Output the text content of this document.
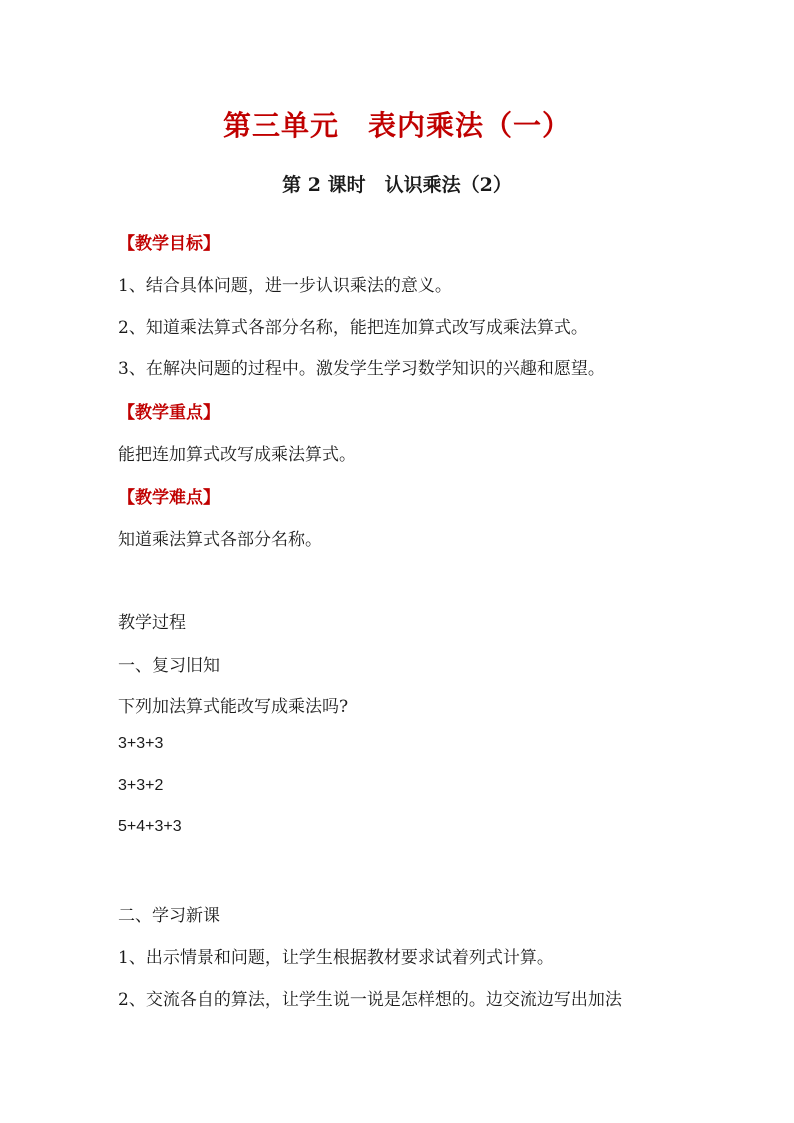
第三单元　表内乘法（一）
第 2 课时　认识乘法（2）
【教学目标】
1、结合具体问题，进一步认识乘法的意义。
2、知道乘法算式各部分名称，能把连加算式改写成乘法算式。
3、在解决问题的过程中。激发学生学习数学知识的兴趣和愿望。
【教学重点】
能把连加算式改写成乘法算式。
【教学难点】
知道乘法算式各部分名称。
教学过程
一、复习旧知
下列加法算式能改写成乘法吗?
3+3+3
3+3+2
5+4+3+3
二、学习新课
1、出示情景和问题，让学生根据教材要求试着列式计算。
2、交流各自的算法，让学生说一说是怎样想的。边交流边写出加法
